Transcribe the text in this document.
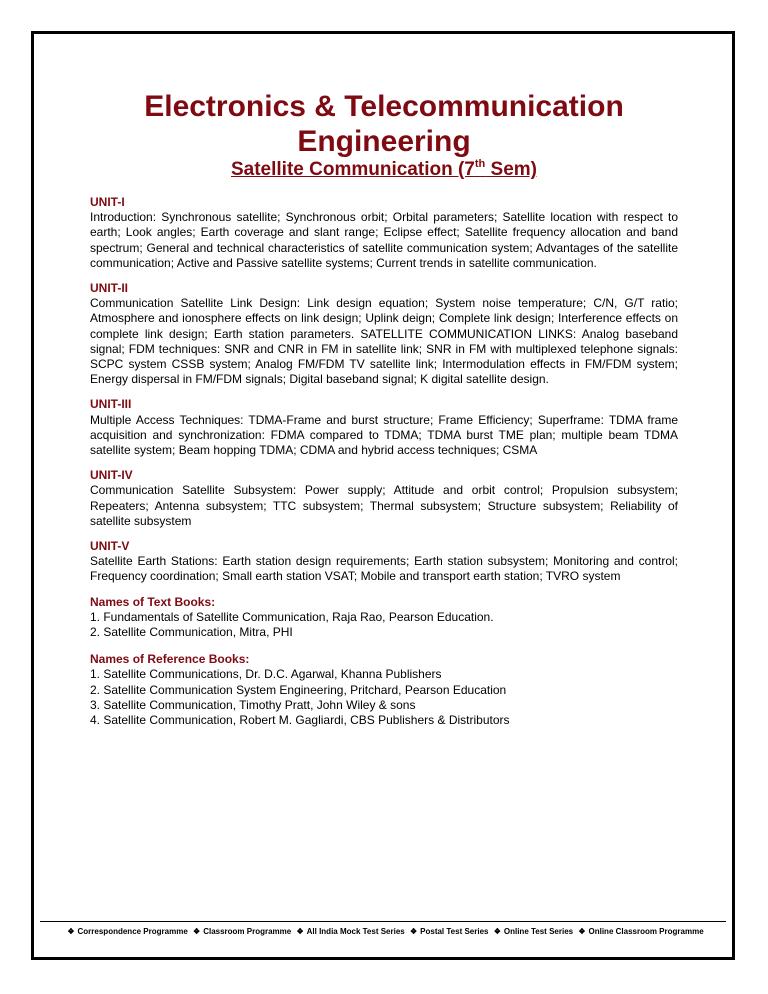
Electronics & Telecommunication
Engineering
Satellite Communication (7th Sem)
UNIT-I
Introduction: Synchronous satellite; Synchronous orbit; Orbital parameters; Satellite location with respect to earth; Look angles; Earth coverage and slant range; Eclipse effect; Satellite frequency allocation and band spectrum; General and technical characteristics of satellite communication system; Advantages of the satellite communication; Active and Passive satellite systems; Current trends in satellite communication.
UNIT-II
Communication Satellite Link Design: Link design equation; System noise temperature; C/N, G/T ratio; Atmosphere and ionosphere effects on link design; Uplink deign; Complete link design; Interference effects on complete link design; Earth station parameters. SATELLITE COMMUNICATION LINKS: Analog baseband signal; FDM techniques: SNR and CNR in FM in satellite link; SNR in FM with multiplexed telephone signals: SCPC system CSSB system; Analog FM/FDM TV satellite link; Intermodulation effects in FM/FDM system; Energy dispersal in FM/FDM signals; Digital baseband signal; K digital satellite design.
UNIT-III
Multiple Access Techniques: TDMA-Frame and burst structure; Frame Efficiency; Superframe: TDMA frame acquisition and synchronization: FDMA compared to TDMA; TDMA burst TME plan; multiple beam TDMA satellite system; Beam hopping TDMA; CDMA and hybrid access techniques; CSMA
UNIT-IV
Communication Satellite Subsystem: Power supply; Attitude and orbit control; Propulsion subsystem; Repeaters; Antenna subsystem; TTC subsystem; Thermal subsystem; Structure subsystem; Reliability of satellite subsystem
UNIT-V
Satellite Earth Stations: Earth station design requirements; Earth station subsystem; Monitoring and control; Frequency coordination; Small earth station VSAT; Mobile and transport earth station; TVRO system
Names of Text Books:
1. Fundamentals of Satellite Communication, Raja Rao, Pearson Education.
2. Satellite Communication, Mitra, PHI
Names of Reference Books:
1. Satellite Communications, Dr. D.C. Agarwal, Khanna Publishers
2. Satellite Communication System Engineering, Pritchard, Pearson Education
3. Satellite Communication, Timothy Pratt, John Wiley & sons
4. Satellite Communication, Robert M. Gagliardi, CBS Publishers & Distributors
❖ Correspondence Programme ❖ Classroom Programme ❖ All India Mock Test Series ❖ Postal Test Series ❖ Online Test Series ❖ Online Classroom Programme
